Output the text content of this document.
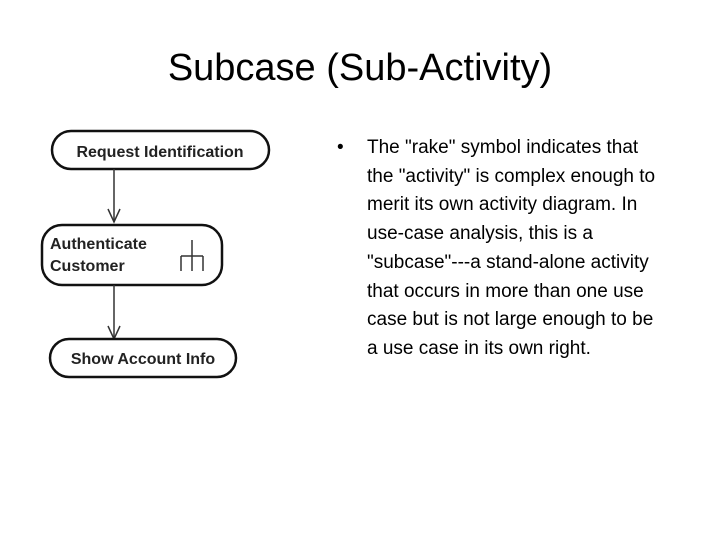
Subcase (Sub-Activity)
Request Identification
Authenticate
Customer
Show Account Info
•	The "rake" symbol indicates that the "activity" is complex enough to merit its own activity diagram. In use-case analysis, this is a "subcase"---a stand-alone activity that occurs in more than one use case but is not large enough to be a use case in its own right.
